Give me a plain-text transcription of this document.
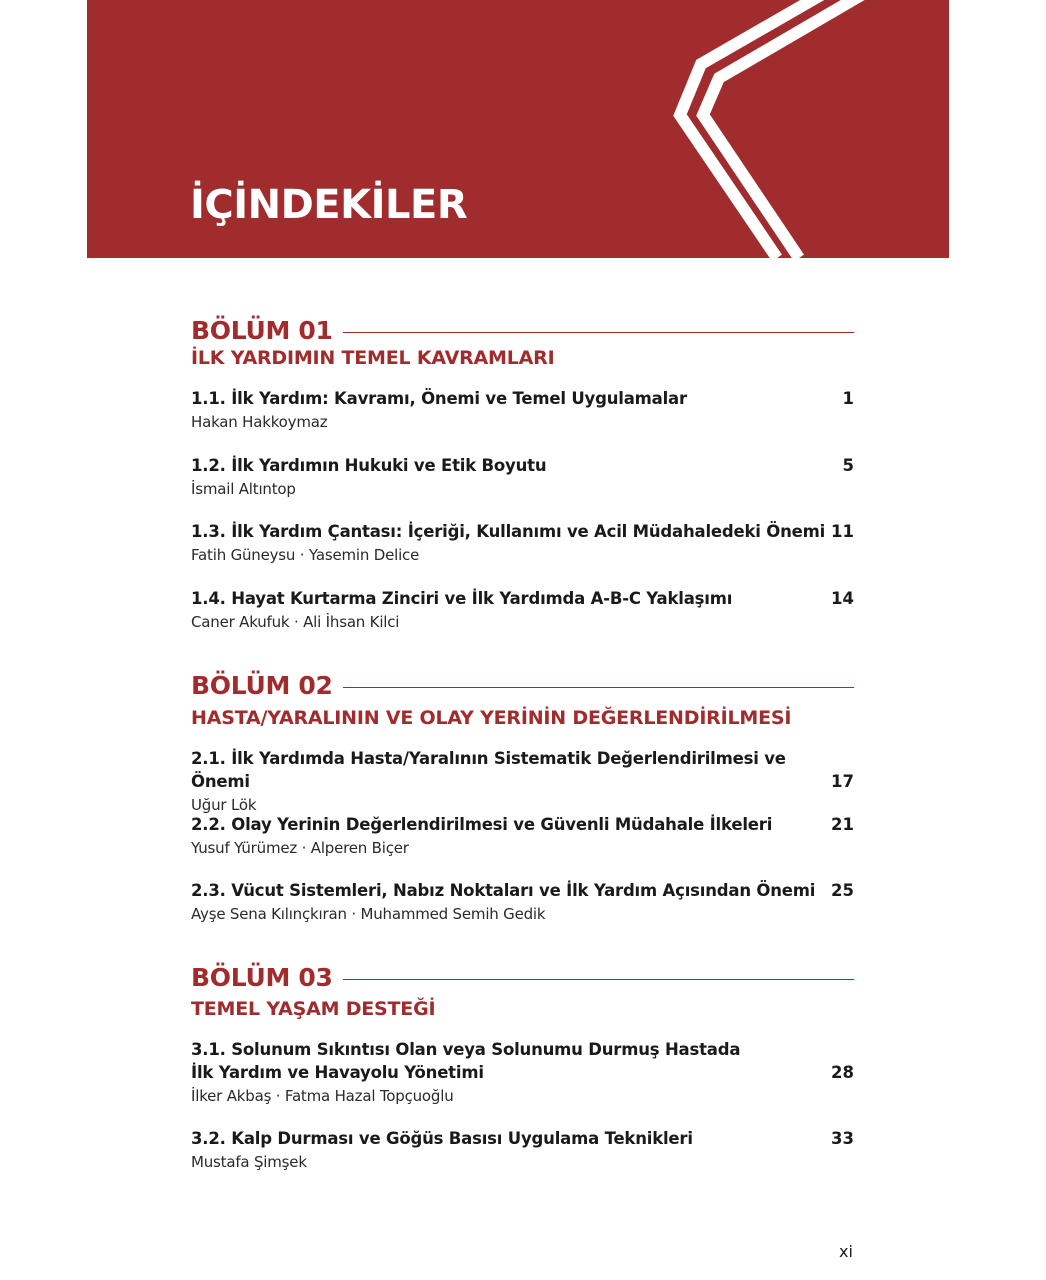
İÇİNDEKİLER
BÖLÜM 01
İLK YARDIMIN TEMEL KAVRAMLARI
1.1. İlk Yardım: Kavramı, Önemi ve Temel Uygulamalar	1
Hakan Hakkoymaz
1.2. İlk Yardımın Hukuki ve Etik Boyutu	5
İsmail Altıntop
1.3. İlk Yardım Çantası: İçeriği, Kullanımı ve Acil Müdahaledeki Önemi 11
Fatih Güneysu · Yasemin Delice
1.4. Hayat Kurtarma Zinciri ve İlk Yardımda A-B-C Yaklaşımı	14
Caner Akufuk · Ali İhsan Kilci
BÖLÜM 02
HASTA/YARALININ VE OLAY YERİNİN DEĞERLENDİRİLMESİ
2.1. İlk Yardımda Hasta/Yaralının Sistematik Değerlendirilmesi ve Önemi	17
Uğur Lök
2.2. Olay Yerinin Değerlendirilmesi ve Güvenli Müdahale İlkeleri	21
Yusuf Yürümez · Alperen Biçer
2.3. Vücut Sistemleri, Nabız Noktaları ve İlk Yardım Açısından Önemi 25
Ayşe Sena Kılınçkıran · Muhammed Semih Gedik
BÖLÜM 03
TEMEL YAŞAM DESTEĞİ
3.1. Solunum Sıkıntısı Olan veya Solunumu Durmuş Hastada
İlk Yardım ve Havayolu Yönetimi	28
İlker Akbaş · Fatma Hazal Topçuoğlu
3.2. Kalp Durması ve Göğüs Basısı Uygulama Teknikleri	33
Mustafa Şimşek
xi
